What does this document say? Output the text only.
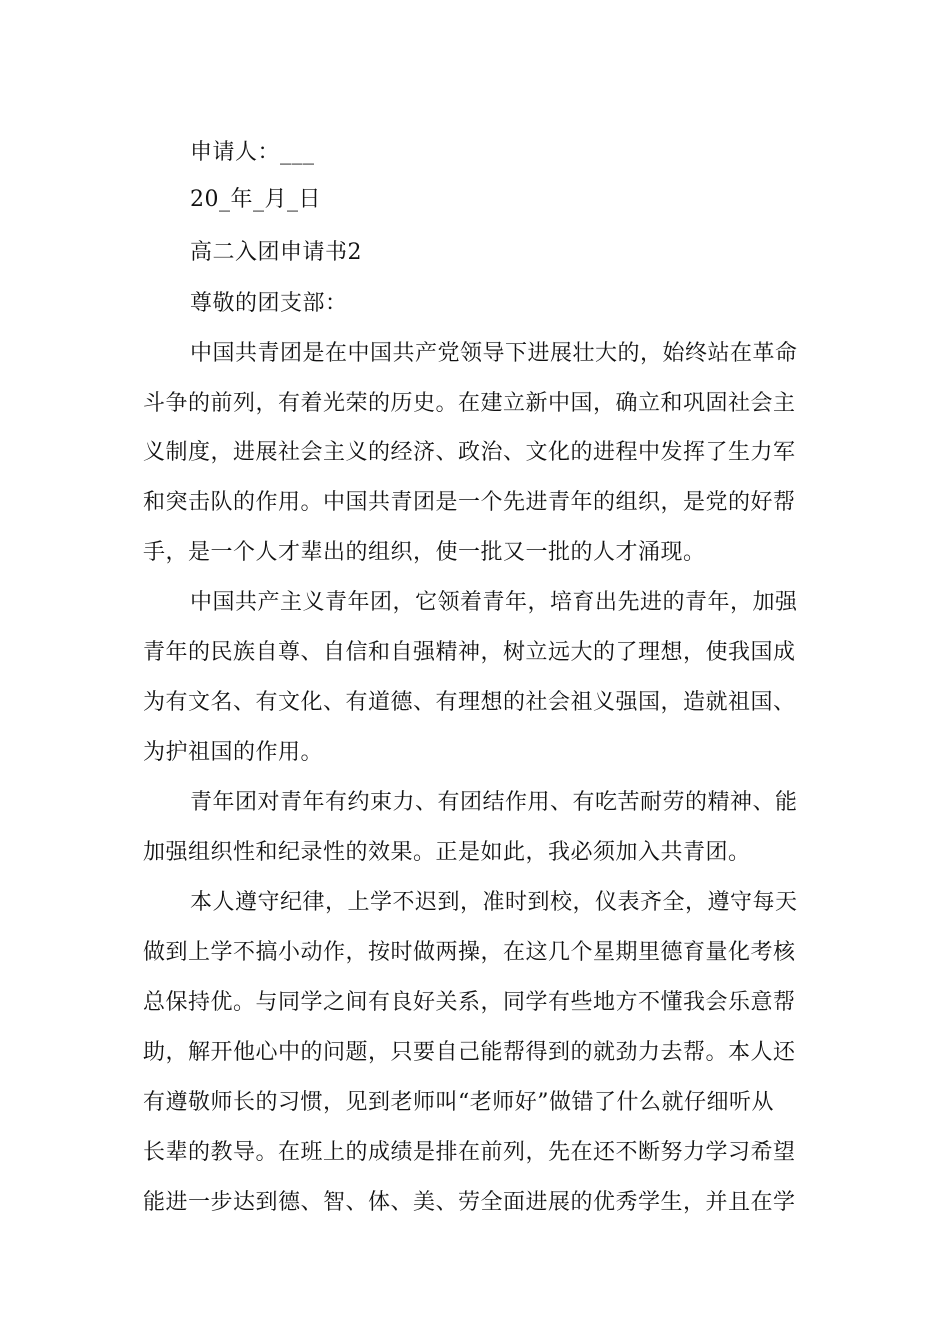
申请人：___
20_年_月_日
高二入团申请书2
尊敬的团支部：
中国共青团是在中国共产党领导下进展壮大的，始终站在革命
斗争的前列，有着光荣的历史。在建立新中国，确立和巩固社会主
义制度，进展社会主义的经济、政治、文化的进程中发挥了生力军
和突击队的作用。中国共青团是一个先进青年的组织，是党的好帮
手，是一个人才辈出的组织，使一批又一批的人才涌现。
中国共产主义青年团，它领着青年，培育出先进的青年，加强
青年的民族自尊、自信和自强精神，树立远大的了理想，使我国成
为有文名、有文化、有道德、有理想的社会祖义强国，造就祖国、
为护祖国的作用。
青年团对青年有约束力、有团结作用、有吃苦耐劳的精神、能
加强组织性和纪录性的效果。正是如此，我必须加入共青团。
本人遵守纪律，上学不迟到，准时到校，仪表齐全，遵守每天
做到上学不搞小动作，按时做两操，在这几个星期里德育量化考核
总保持优。与同学之间有良好关系，同学有些地方不懂我会乐意帮
助，解开他心中的问题，只要自己能帮得到的就劲力去帮。本人还
有遵敬师长的习惯，见到老师叫“老师好”做错了什么就仔细听从
长辈的教导。在班上的成绩是排在前列，先在还不断努力学习希望
能进一步达到德、智、体、美、劳全面进展的优秀学生，并且在学
